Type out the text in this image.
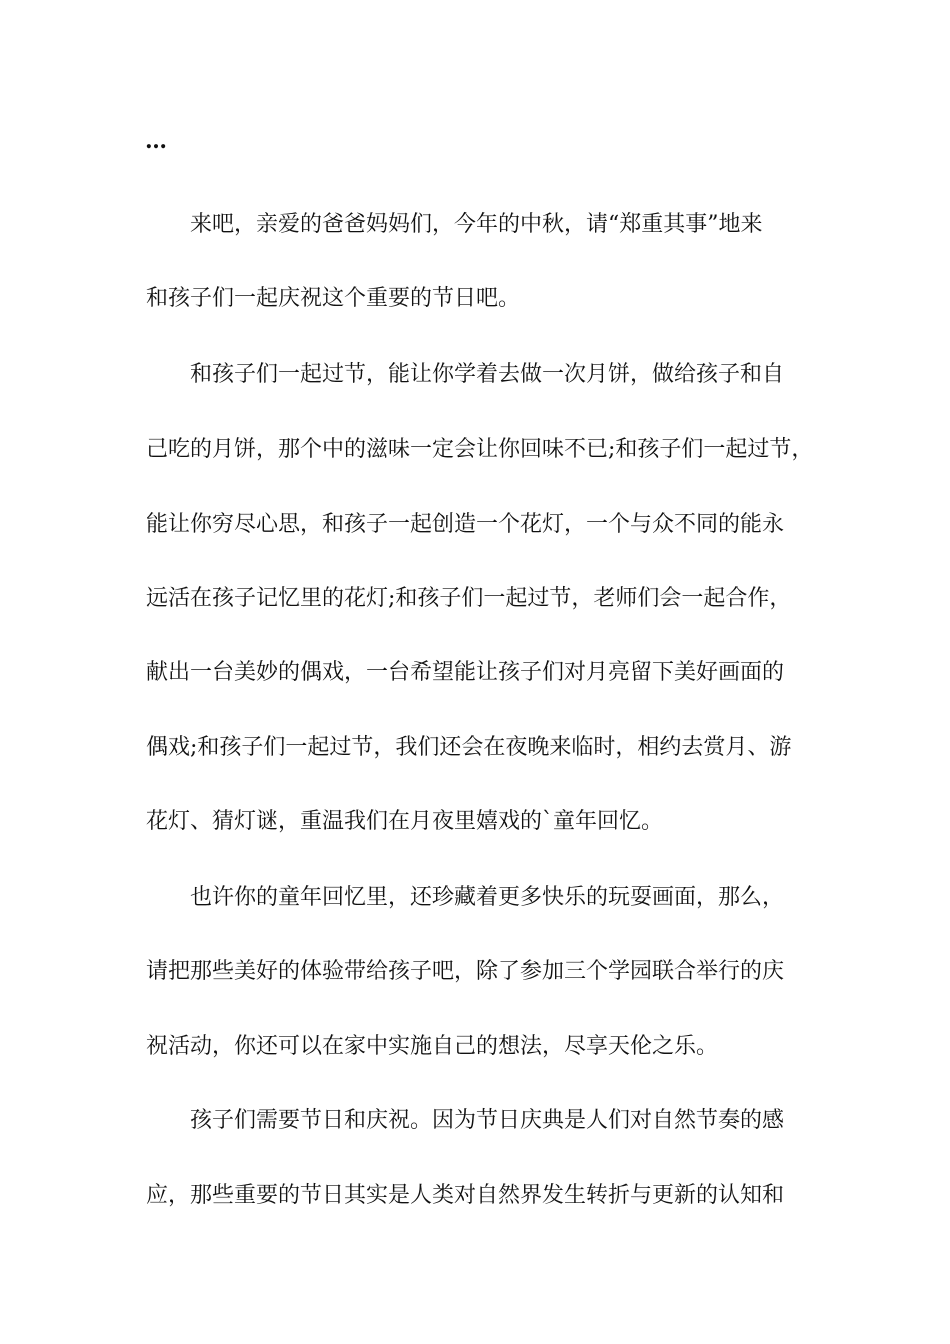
…
来吧，亲爱的爸爸妈妈们，今年的中秋，请“郑重其事”地来
和孩子们一起庆祝这个重要的节日吧。
和孩子们一起过节，能让你学着去做一次月饼，做给孩子和自
己吃的月饼，那个中的滋味一定会让你回味不已;和孩子们一起过节，
能让你穷尽心思，和孩子一起创造一个花灯，一个与众不同的能永
远活在孩子记忆里的花灯;和孩子们一起过节，老师们会一起合作，
献出一台美妙的偶戏，一台希望能让孩子们对月亮留下美好画面的
偶戏;和孩子们一起过节，我们还会在夜晚来临时，相约去赏月、游
花灯、猜灯谜，重温我们在月夜里嬉戏的`童年回忆。
也许你的童年回忆里，还珍藏着更多快乐的玩耍画面，那么，
请把那些美好的体验带给孩子吧，除了参加三个学园联合举行的庆
祝活动，你还可以在家中实施自己的想法，尽享天伦之乐。
孩子们需要节日和庆祝。因为节日庆典是人们对自然节奏的感
应，那些重要的节日其实是人类对自然界发生转折与更新的认知和
